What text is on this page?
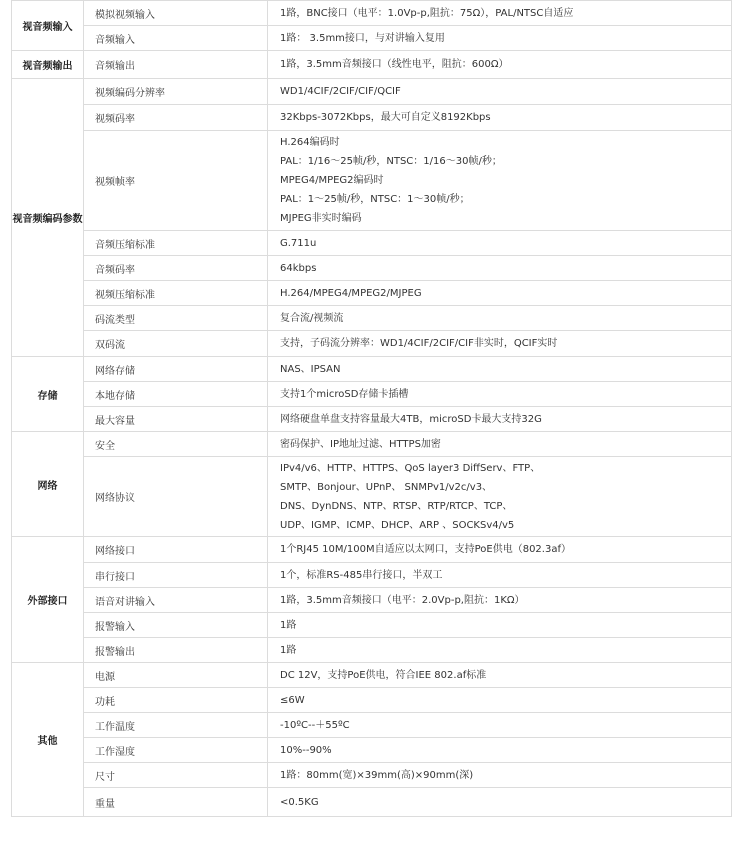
视音频输入	模拟视频输入	1路，BNC接口（电平：1.0Vp-p,阻抗：75Ω），PAL/NTSC自适应

	音频输入	1路： 3.5mm接口，与对讲输入复用

视音频输出	音频输出	1路，3.5mm音频接口（线性电平，阻抗：600Ω）

视音频编码参数	视频编码分辨率	WD1/4CIF/2CIF/CIF/QCIF

	视频码率	32Kbps-3072Kbps，最大可自定义8192Kbps

	视频帧率	H.264编码时
PAL：1/16～25帧/秒，NTSC：1/16～30帧/秒；
MPEG4/MPEG2编码时
PAL：1～25帧/秒，NTSC：1～30帧/秒；
MJPEG非实时编码

	音频压缩标准	G.711u

	音频码率	64kbps

	视频压缩标准	H.264/MPEG4/MPEG2/MJPEG

	码流类型	复合流/视频流

	双码流	支持，子码流分辨率：WD1/4CIF/2CIF/CIF非实时，QCIF实时

存储	网络存储	NAS、IPSAN

	本地存储	支持1个microSD存储卡插槽

	最大容量	网络硬盘单盘支持容量最大4TB，microSD卡最大支持32G

网络	安全	密码保护、IP地址过滤、HTTPS加密

	网络协议	IPv4/v6、HTTP、HTTPS、QoS layer3 DiffServ、FTP、
SMTP、Bonjour、UPnP、 SNMPv1/v2c/v3、
DNS、DynDNS、NTP、RTSP、RTP/RTCP、TCP、
UDP、IGMP、ICMP、DHCP、ARP 、SOCKSv4/v5

外部接口	网络接口	1个RJ45 10M/100M自适应以太网口，支持PoE供电（802.3af）

	串行接口	1个，标准RS-485串行接口，半双工

	语音对讲输入	1路，3.5mm音频接口（电平：2.0Vp-p,阻抗：1KΩ）

	报警输入	1路

	报警输出	1路

其他	电源	DC 12V，支持PoE供电，符合IEE 802.af标准

	功耗	≤6W

	工作温度	-10ºC--＋55ºC

	工作湿度	10%--90%

	尺寸	1路：80mm(宽)×39mm(高)×90mm(深)

	重量	<0.5KG
